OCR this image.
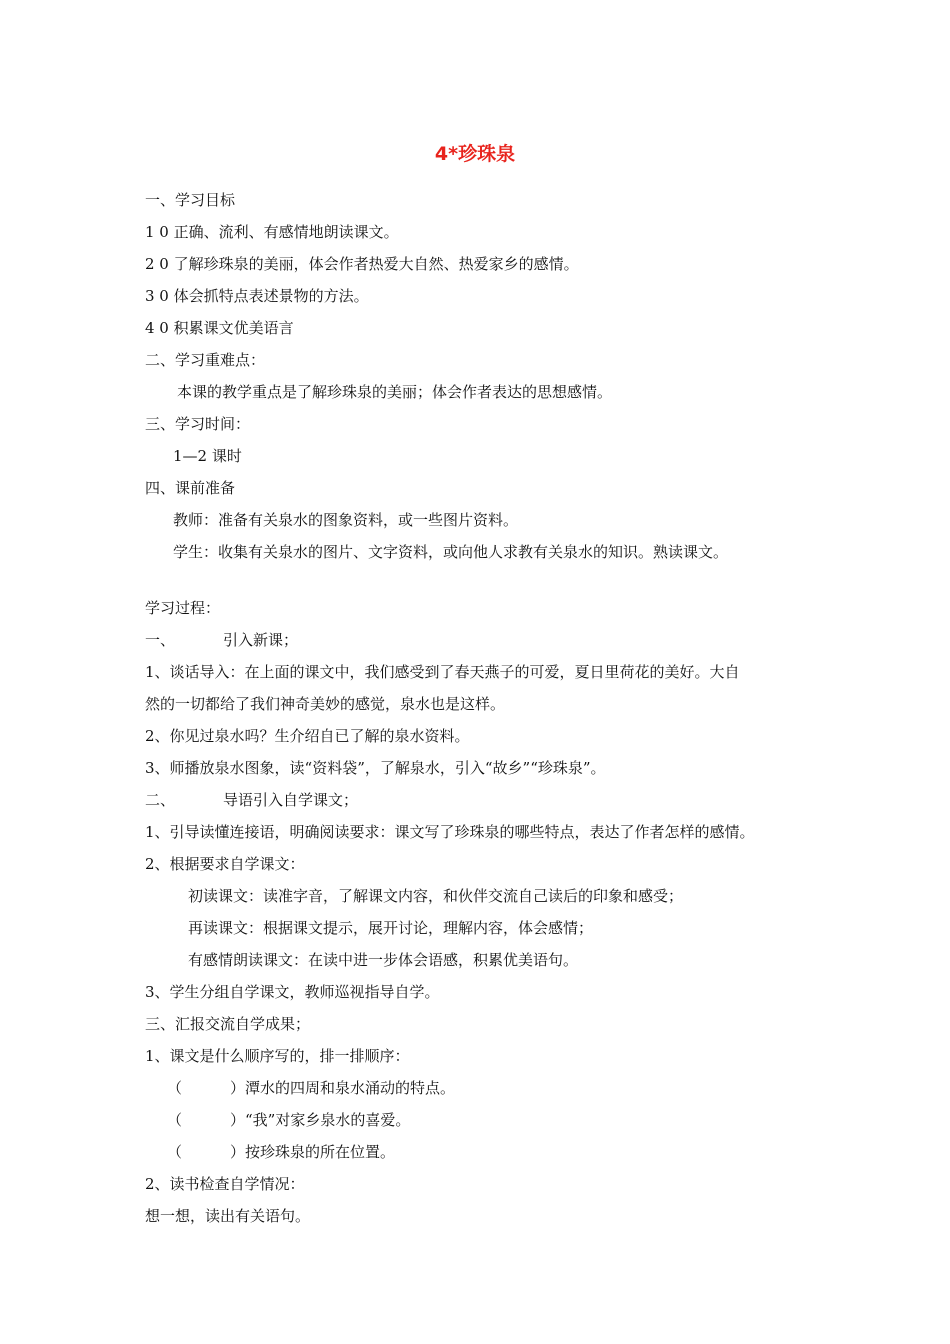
4*珍珠泉

一、学习目标

1 0 正确、流利、有感情地朗读课文。

2 0 了解珍珠泉的美丽，体会作者热爱大自然、热爱家乡的感情。

3 0 体会抓特点表述景物的方法。

4 0 积累课文优美语言

二、学习重难点：

本课的教学重点是了解珍珠泉的美丽；体会作者表达的思想感情。

三、学习时间：

1—2 课时

四、课前准备

教师：准备有关泉水的图象资料，或一些图片资料。

学生：收集有关泉水的图片、文字资料，或向他人求教有关泉水的知识。熟读课文。

学习过程：

一、	引入新课；

1、谈话导入：在上面的课文中，我们感受到了春天燕子的可爱，夏日里荷花的美好。大自

然的一切都给了我们神奇美妙的感觉，泉水也是这样。

2、你见过泉水吗？生介绍自已了解的泉水资料。

3、师播放泉水图象，读“资料袋”，了解泉水，引入“故乡”“珍珠泉”。

二、	导语引入自学课文；

1、引导读懂连接语，明确阅读要求：课文写了珍珠泉的哪些特点，表达了作者怎样的感情。

2、根据要求自学课文：

初读课文：读准字音，了解课文内容，和伙伴交流自己读后的印象和感受；

再读课文：根据课文提示，展开讨论，理解内容，体会感情；

有感情朗读课文：在读中进一步体会语感，积累优美语句。

3、学生分组自学课文，教师巡视指导自学。

三、汇报交流自学成果；

1、课文是什么顺序写的，排一排顺序：

（	）潭水的四周和泉水涌动的特点。

（	）“我”对家乡泉水的喜爱。

（	）按珍珠泉的所在位置。

2、读书检查自学情况：

想一想，读出有关语句。
